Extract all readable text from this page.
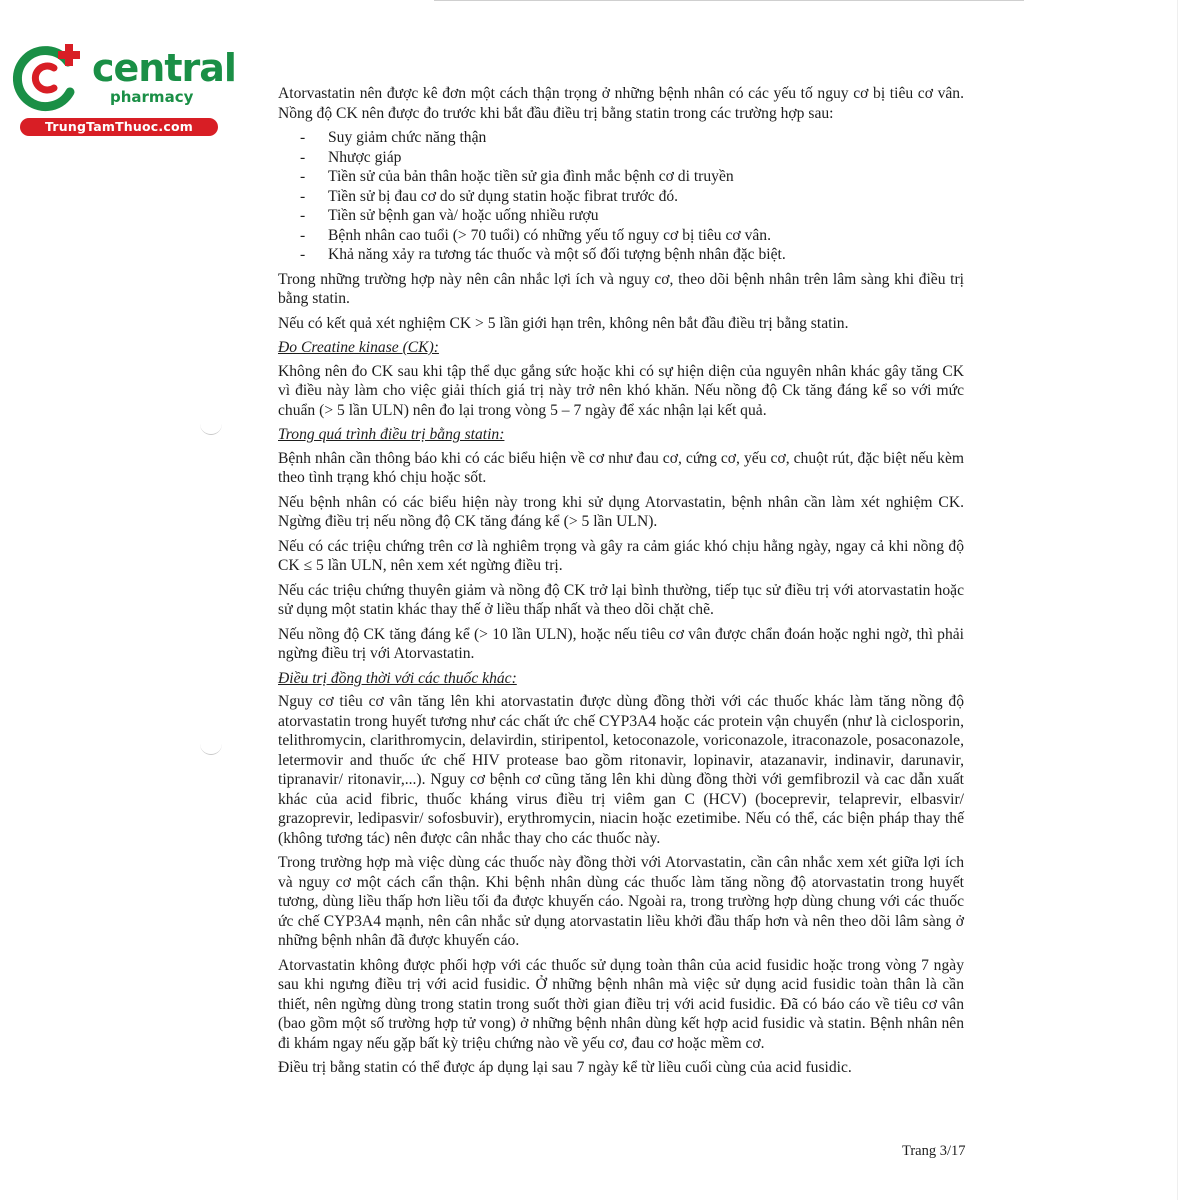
central
pharmacy
TrungTamThuoc.com

Atorvastatin nên được kê đơn một cách thận trọng ở những bệnh nhân có các yếu tố nguy cơ bị tiêu cơ vân. Nồng độ CK nên được đo trước khi bắt đầu điều trị bằng statin trong các trường hợp sau:

- Suy giảm chức năng thận
- Nhược giáp
- Tiền sử của bản thân hoặc tiền sử gia đình mắc bệnh cơ di truyền
- Tiền sử bị đau cơ do sử dụng statin hoặc fibrat trước đó.
- Tiền sử bệnh gan và/ hoặc uống nhiều rượu
- Bệnh nhân cao tuổi (> 70 tuổi) có những yếu tố nguy cơ bị tiêu cơ vân.
- Khả năng xảy ra tương tác thuốc và một số đối tượng bệnh nhân đặc biệt.

Trong những trường hợp này nên cân nhắc lợi ích và nguy cơ, theo dõi bệnh nhân trên lâm sàng khi điều trị bằng statin.

Nếu có kết quả xét nghiệm CK > 5 lần giới hạn trên, không nên bắt đầu điều trị bằng statin.

Đo Creatine kinase (CK):

Không nên đo CK sau khi tập thể dục gắng sức hoặc khi có sự hiện diện của nguyên nhân khác gây tăng CK vì điều này làm cho việc giải thích giá trị này trở nên khó khăn. Nếu nồng độ Ck tăng đáng kể so với mức chuẩn (> 5 lần ULN) nên đo lại trong vòng 5 – 7 ngày để xác nhận lại kết quả.

Trong quá trình điều trị bằng statin:

Bệnh nhân cần thông báo khi có các biểu hiện về cơ như đau cơ, cứng cơ, yếu cơ, chuột rút, đặc biệt nếu kèm theo tình trạng khó chịu hoặc sốt.

Nếu bệnh nhân có các biểu hiện này trong khi sử dụng Atorvastatin, bệnh nhân cần làm xét nghiệm CK. Ngừng điều trị nếu nồng độ CK tăng đáng kể (> 5 lần ULN).

Nếu có các triệu chứng trên cơ là nghiêm trọng và gây ra cảm giác khó chịu hằng ngày, ngay cả khi nồng độ CK ≤ 5 lần ULN, nên xem xét ngừng điều trị.

Nếu các triệu chứng thuyên giảm và nồng độ CK trở lại bình thường, tiếp tục sử điều trị với atorvastatin hoặc sử dụng một statin khác thay thế ở liều thấp nhất và theo dõi chặt chẽ.

Nếu nồng độ CK tăng đáng kể (> 10 lần ULN), hoặc nếu tiêu cơ vân được chẩn đoán hoặc nghi ngờ, thì phải ngừng điều trị với Atorvastatin.

Điều trị đồng thời với các thuốc khác:

Nguy cơ tiêu cơ vân tăng lên khi atorvastatin được dùng đồng thời với các thuốc khác làm tăng nồng độ atorvastatin trong huyết tương như các chất ức chế CYP3A4 hoặc các protein vận chuyển (như là ciclosporin, telithromycin, clarithromycin, delavirdin, stiripentol, ketoconazole, voriconazole, itraconazole, posaconazole, letermovir and thuốc ức chế HIV protease bao gồm ritonavir, lopinavir, atazanavir, indinavir, darunavir, tipranavir/ ritonavir,...). Nguy cơ bệnh cơ cũng tăng lên khi dùng đồng thời với gemfibrozil và cac dẫn xuất khác của acid fibric, thuốc kháng virus điều trị viêm gan C (HCV) (boceprevir, telaprevir, elbasvir/ grazoprevir, ledipasvir/ sofosbuvir), erythromycin, niacin hoặc ezetimibe. Nếu có thể, các biện pháp thay thế (không tương tác) nên được cân nhắc thay cho các thuốc này.

Trong trường hợp mà việc dùng các thuốc này đồng thời với Atorvastatin, cần cân nhắc xem xét giữa lợi ích và nguy cơ một cách cẩn thận. Khi bệnh nhân dùng các thuốc làm tăng nồng độ atorvastatin trong huyết tương, dùng liều thấp hơn liều tối đa được khuyến cáo. Ngoài ra, trong trường hợp dùng chung với các thuốc ức chế CYP3A4 mạnh, nên cân nhắc sử dụng atorvastatin liều khởi đầu thấp hơn và nên theo dõi lâm sàng ở những bệnh nhân đã được khuyến cáo.

Atorvastatin không được phối hợp với các thuốc sử dụng toàn thân của acid fusidic hoặc trong vòng 7 ngày sau khi ngưng điều trị với acid fusidic. Ở những bệnh nhân mà việc sử dụng acid fusidic toàn thân là cần thiết, nên ngừng dùng trong statin trong suốt thời gian điều trị với acid fusidic. Đã có báo cáo về tiêu cơ vân (bao gồm một số trường hợp tử vong) ở những bệnh nhân dùng kết hợp acid fusidic và statin. Bệnh nhân nên đi khám ngay nếu gặp bất kỳ triệu chứng nào về yếu cơ, đau cơ hoặc mềm cơ.

Điều trị bằng statin có thể được áp dụng lại sau 7 ngày kể từ liều cuối cùng của acid fusidic.

Trang 3/17
